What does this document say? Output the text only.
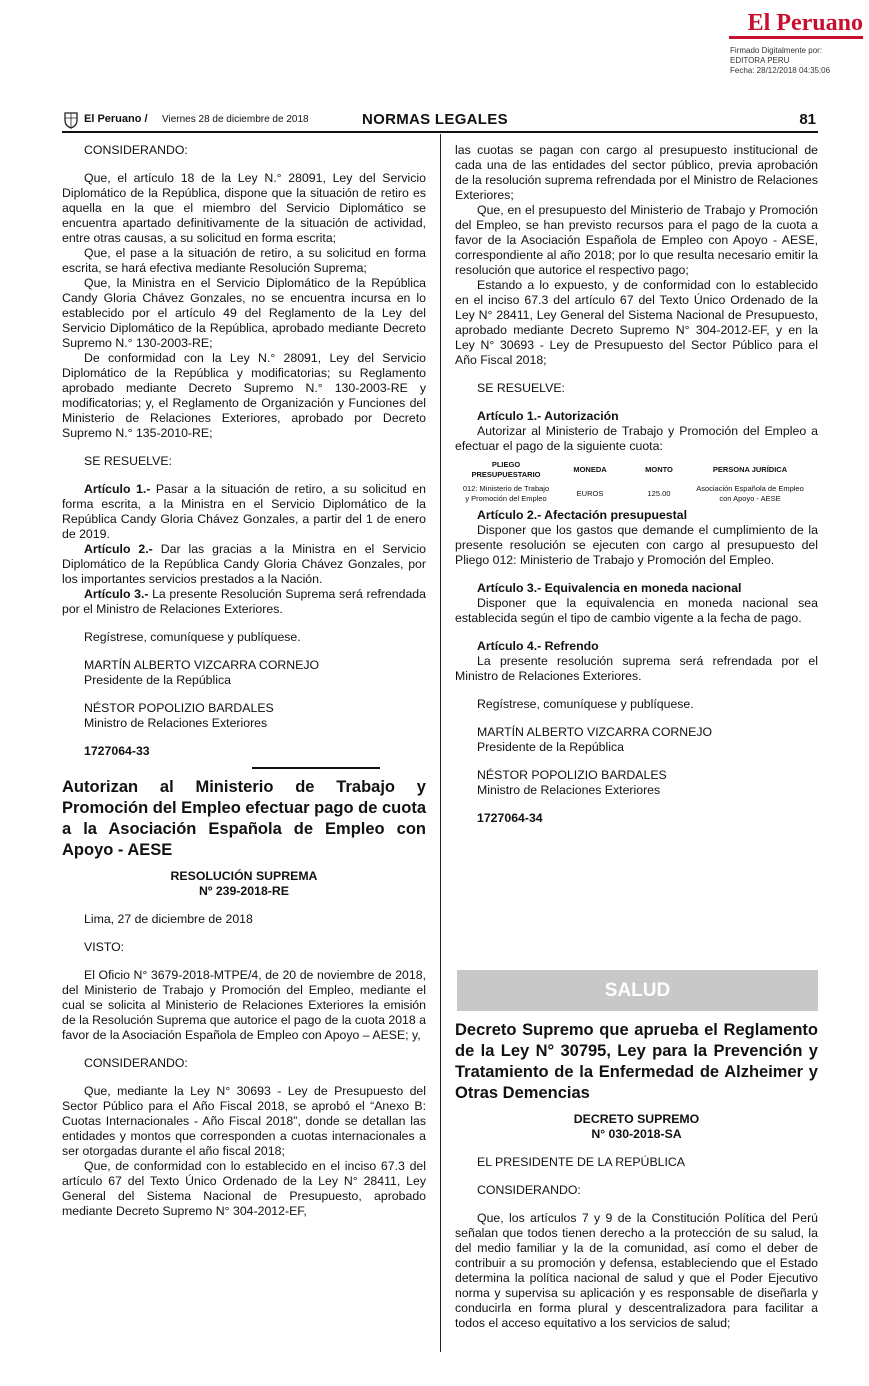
El Peruano
Firmado Digitalmente por:
EDITORA PERU
Fecha: 28/12/2018 04:35:06
El Peruano / Viernes 28 de diciembre de 2018	NORMAS LEGALES	81

CONSIDERANDO:

Que, el artículo 18 de la Ley N.° 28091, Ley del Servicio Diplomático de la República, dispone que la situación de retiro es aquella en la que el miembro del Servicio Diplomático se encuentra apartado definitivamente de la situación de actividad, entre otras causas, a su solicitud en forma escrita;

Que, el pase a la situación de retiro, a su solicitud en forma escrita, se hará efectiva mediante Resolución Suprema;

Que, la Ministra en el Servicio Diplomático de la República Candy Gloria Chávez Gonzales, no se encuentra incursa en lo establecido por el artículo 49 del Reglamento de la Ley del Servicio Diplomático de la República, aprobado mediante Decreto Supremo N.° 130-2003-RE;

De conformidad con la Ley N.° 28091, Ley del Servicio Diplomático de la República y modificatorias; su Reglamento aprobado mediante Decreto Supremo N.° 130-2003-RE y modificatorias; y, el Reglamento de Organización y Funciones del Ministerio de Relaciones Exteriores, aprobado por Decreto Supremo N.° 135-2010-RE;

SE RESUELVE:

Artículo 1.- Pasar a la situación de retiro, a su solicitud en forma escrita, a la Ministra en el Servicio Diplomático de la República Candy Gloria Chávez Gonzales, a partir del 1 de enero de 2019.

Artículo 2.- Dar las gracias a la Ministra en el Servicio Diplomático de la República Candy Gloria Chávez Gonzales, por los importantes servicios prestados a la Nación.

Artículo 3.- La presente Resolución Suprema será refrendada por el Ministro de Relaciones Exteriores.

Regístrese, comuníquese y publíquese.

MARTÍN ALBERTO VIZCARRA CORNEJO

Presidente de la República

NÉSTOR POPOLIZIO BARDALES

Ministro de Relaciones Exteriores

1727064-33

Autorizan al Ministerio de Trabajo y Promoción del Empleo efectuar pago de cuota a la Asociación Española de Empleo con Apoyo - AESE

RESOLUCIÓN SUPREMA

Nº 239-2018-RE

Lima, 27 de diciembre de 2018

VISTO:

El Oficio N° 3679-2018-MTPE/4, de 20 de noviembre de 2018, del Ministerio de Trabajo y Promoción del Empleo, mediante el cual se solicita al Ministerio de Relaciones Exteriores la emisión de la Resolución Suprema que autorice el pago de la cuota 2018 a favor de la Asociación Española de Empleo con Apoyo – AESE; y,

CONSIDERANDO:

Que, mediante la Ley N° 30693 - Ley de Presupuesto del Sector Público para el Año Fiscal 2018, se aprobó el “Anexo B: Cuotas Internacionales - Año Fiscal 2018”, donde se detallan las entidades y montos que corresponden a cuotas internacionales a ser otorgadas durante el año fiscal 2018;

Que, de conformidad con lo establecido en el inciso 67.3 del artículo 67 del Texto Único Ordenado de la Ley N° 28411, Ley General del Sistema Nacional de Presupuesto, aprobado mediante Decreto Supremo N° 304-2012-EF,

las cuotas se pagan con cargo al presupuesto institucional de cada una de las entidades del sector público, previa aprobación de la resolución suprema refrendada por el Ministro de Relaciones Exteriores;

Que, en el presupuesto del Ministerio de Trabajo y Promoción del Empleo, se han previsto recursos para el pago de la cuota a favor de la Asociación Española de Empleo con Apoyo - AESE, correspondiente al año 2018; por lo que resulta necesario emitir la resolución que autorice el respectivo pago;

Estando a lo expuesto, y de conformidad con lo establecido en el inciso 67.3 del artículo 67 del Texto Único Ordenado de la Ley N° 28411, Ley General del Sistema Nacional de Presupuesto, aprobado mediante Decreto Supremo N° 304-2012-EF, y en la Ley N° 30693 - Ley de Presupuesto del Sector Público para el Año Fiscal 2018;

SE RESUELVE:

Artículo 1.- Autorización

Autorizar al Ministerio de Trabajo y Promoción del Empleo a efectuar el pago de la siguiente cuota:

PLIEGO PRESUPUESTARIO	MONEDA	MONTO	PERSONA JURÍDICA
012: Ministerio de Trabajo y Promoción del Empleo	EUROS	125.00	Asociación Española de Empleo con Apoyo - AESE

Artículo 2.- Afectación presupuestal

Disponer que los gastos que demande el cumplimiento de la presente resolución se ejecuten con cargo al presupuesto del Pliego 012: Ministerio de Trabajo y Promoción del Empleo.

Artículo 3.- Equivalencia en moneda nacional

Disponer que la equivalencia en moneda nacional sea establecida según el tipo de cambio vigente a la fecha de pago.

Artículo 4.- Refrendo

La presente resolución suprema será refrendada por el Ministro de Relaciones Exteriores.

Regístrese, comuníquese y publíquese.

MARTÍN ALBERTO VIZCARRA CORNEJO

Presidente de la República

NÉSTOR POPOLIZIO BARDALES

Ministro de Relaciones Exteriores

1727064-34

SALUD

Decreto Supremo que aprueba el Reglamento de la Ley N° 30795, Ley para la Prevención y Tratamiento de la Enfermedad de Alzheimer y Otras Demencias

DECRETO SUPREMO

N° 030-2018-SA

EL PRESIDENTE DE LA REPÚBLICA

CONSIDERANDO:

Que, los artículos 7 y 9 de la Constitución Política del Perú señalan que todos tienen derecho a la protección de su salud, la del medio familiar y la de la comunidad, así como el deber de contribuir a su promoción y defensa, estableciendo que el Estado determina la política nacional de salud y que el Poder Ejecutivo norma y supervisa su aplicación y es responsable de diseñarla y conducirla en forma plural y descentralizadora para facilitar a todos el acceso equitativo a los servicios de salud;
